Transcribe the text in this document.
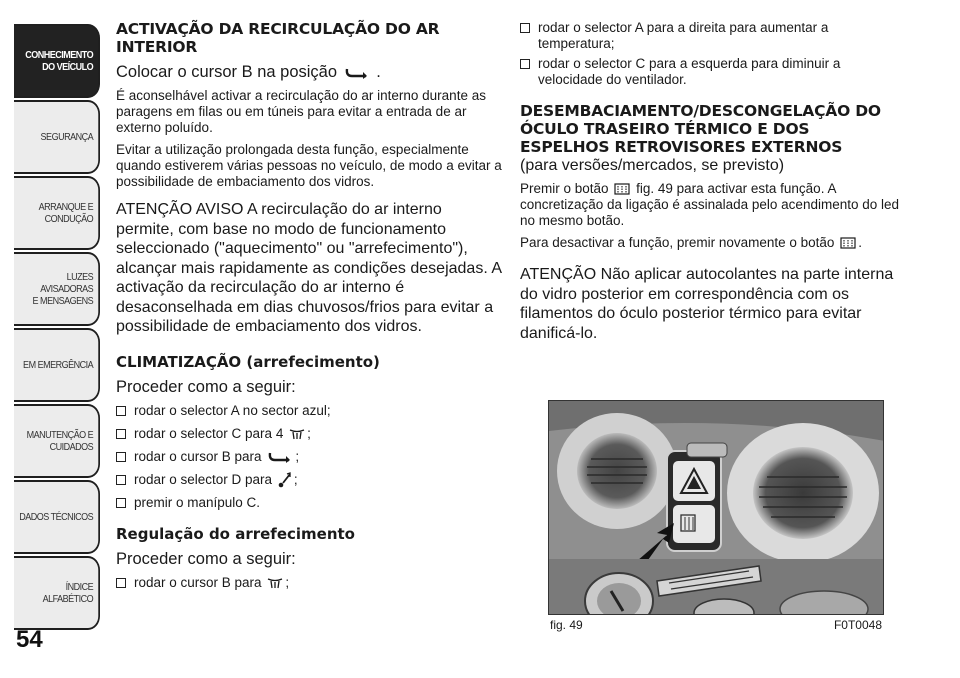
CONHECIMENTO
DO VEÍCULO
SEGURANÇA
ARRANQUE E
CONDUÇÃO
LUZES AVISADORAS
E MENSAGENS
EM EMERGÊNCIA
MANUTENÇÃO E
CUIDADOS
DADOS TÉCNICOS
ÍNDICE ALFABÉTICO
54
ACTIVAÇÃO DA RECIRCULAÇÃO DO AR INTERIOR

Colocar o cursor B na posição .

É aconselhável activar a recirculação do ar interno durante as paragens em filas ou em túneis para evitar a entrada de ar externo poluído.

Evitar a utilização prolongada desta função, especialmente quando estiverem várias pessoas no veículo, de modo a evitar a possibilidade de embaciamento dos vidros.

ATENÇÃO AVISO A recirculação do ar interno permite, com base no modo de funcionamento seleccionado ("aquecimento" ou "arrefecimento"), alcançar mais rapidamente as condições desejadas. A activação da recirculação do ar interno é desaconselhada em dias chuvosos/frios para evitar a possibilidade de embaciamento dos vidros.

CLIMATIZAÇÃO (arrefecimento)

Proceder como a seguir:

rodar o selector A no sector azul;
rodar o selector C para 4 ;
rodar o cursor B para	;
rodar o selector D para ;
premir o manípulo C.
Regulação do arrefecimento

Proceder como a seguir:

rodar o cursor B para ;
rodar o selector A para a direita para aumentar a temperatura;
rodar o selector C para a esquerda para diminuir a velocidade do ventilador.
DESEMBACIAMENTO/DESCONGELAÇÃO DO ÓCULO TRASEIRO TÉRMICO E DOS ESPELHOS RETROVISORES EXTERNOS

(para versões/mercados, se previsto)

Premir o botão fig. 49 para activar esta função. A concretização da ligação é assinalada pelo acendimento do led no mesmo botão.

Para desactivar a função, premir novamente o botão .

ATENÇÃO Não aplicar autocolantes na parte interna do vidro posterior em correspondência com os filamentos do óculo posterior térmico para evitar danificá-lo.

fig. 49	F0T0048
